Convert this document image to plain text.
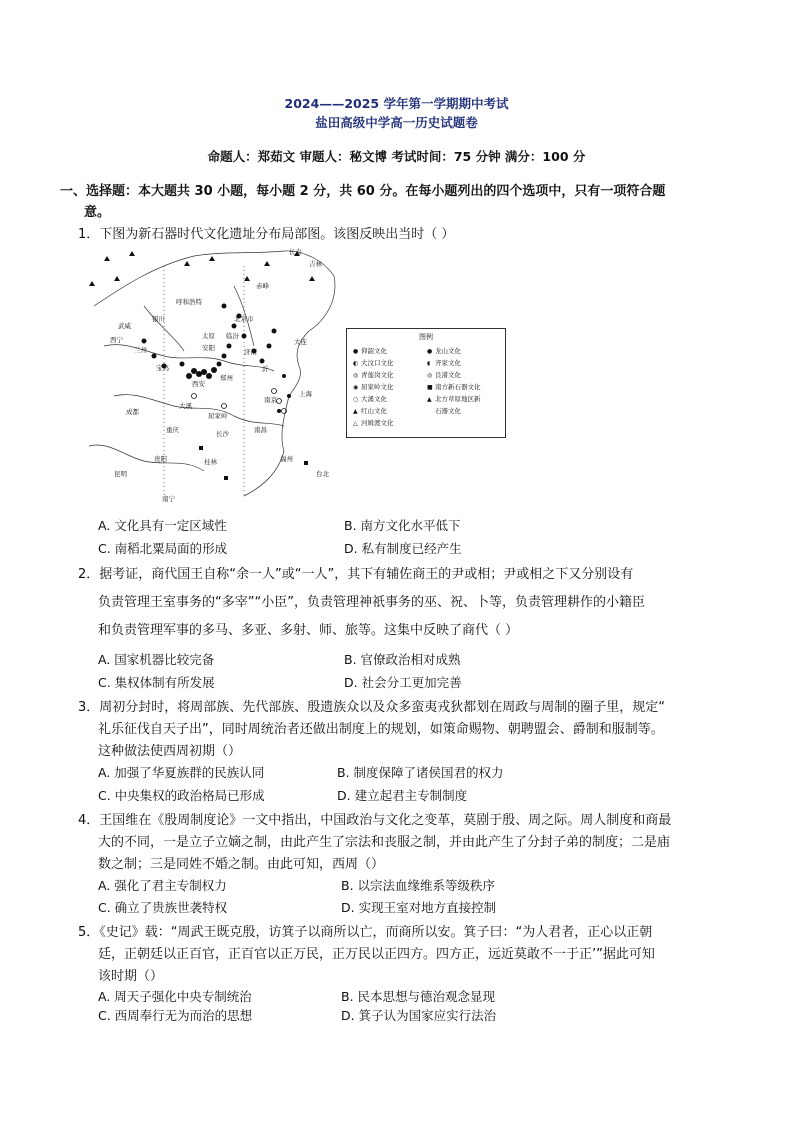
2024——2025 学年第一学期期中考试
盐田高级中学高一历史试题卷
命题人：郑茹文 审题人：秘文博 考试时间：75 分钟 满分：100 分
一、选择题：本大题共 30 小题，每小题 2 分，共 60 分。在每小题列出的四个选项中，只有一项符合题
意。
1．下图为新石器时代文化遗址分布局部图。该图反映出当时（ ）
长春
吉林
赤峰
呼和浩特
北京市
银川
武威
西宁
兰州
宝鸡
郑州
太原
安阳
临汾
济南
沂
大连
西安
南京
上海
成都
大溪
屈家岭
南昌
长沙
桂林
贵阳
昆明
福州
南宁
台北
重庆
图例
● 仰韶文化
◐ 大汶口文化
◎ 青莲岗文化
◉ 屈家岭文化
○ 大溪文化
▲ 红山文化
△ 河姆渡文化
● 龙山文化
◖ 齐家文化
◎ 良渚文化
■ 南方新石器文化
▲ 北方草原地区新
石器文化
A. 文化具有一定区域性	B. 南方文化水平低下
C. 南稻北粟局面的形成	D. 私有制度已经产生
2．据考证，商代国王自称“余一人”或“一人”，其下有辅佐商王的尹或相；尹或相之下又分别设有
负责管理王室事务的“多宰”“小臣”，负责管理神祇事务的巫、祝、卜等，负责管理耕作的小籍臣
和负责管理军事的多马、多亚、多射、师、旅等。这集中反映了商代（ ）
A. 国家机器比较完备	B. 官僚政治相对成熟
C. 集权体制有所发展	D. 社会分工更加完善
3．周初分封时，将周部族、先代部族、殷遗族众以及众多蛮夷戎狄都划在周政与周制的圈子里，规定“
礼乐征伐自天子出”，同时周统治者还做出制度上的规划，如策命赐物、朝聘盟会、爵制和服制等。
这种做法使西周初期（）
A. 加强了华夏族群的民族认同	B. 制度保障了诸侯国君的权力
C. 中央集权的政治格局已形成	D. 建立起君主专制制度
4．王国维在《殷周制度论》一文中指出，中国政治与文化之变革，莫剧于殷、周之际。周人制度和商最
大的不同，一是立子立嫡之制，由此产生了宗法和丧服之制，并由此产生了分封子弟的制度；二是庙
数之制；三是同姓不婚之制。由此可知，西周（）
A. 强化了君主专制权力	B. 以宗法血缘维系等级秩序
C. 确立了贵族世袭特权	D. 实现王室对地方直接控制
5．《史记》载：“周武王既克殷，访箕子以商所以亡，而商所以安。箕子曰：“为人君者，正心以正朝
廷，正朝廷以正百官，正百官以正万民，正万民以正四方。四方正，远近莫敢不一于正’”据此可知
该时期（）
A. 周天子强化中央专制统治	B. 民本思想与德治观念显现
C. 西周奉行无为而治的思想	D. 箕子认为国家应实行法治
